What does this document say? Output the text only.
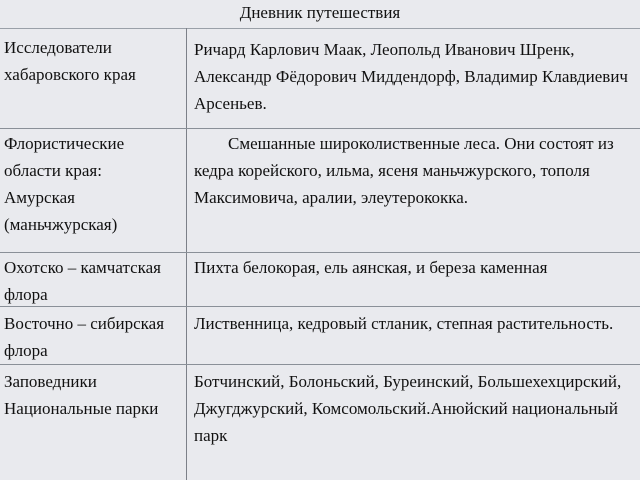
Дневник путешествия
Исследователи хабаровского края
Ричард Карлович Маак, Леопольд Иванович Шренк, Александр Фёдорович Миддендорф, Владимир Клавдиевич Арсеньев.
Флористические области края:
Амурская (маньчжурская)
Смешанные широколиственные леса. Они состоят из кедра корейского, ильма, ясеня маньчжурского, тополя Максимовича, аралии, элеутерококка.
Охотско – камчатская флора
Пихта белокорая, ель аянская, и береза каменная
Восточно – сибирская флора
Лиственница, кедровый стланик, степная растительность.
Заповедники Национальные парки
Ботчинский, Болоньский, Буреинский, Большехехцирский, Джугджурский, Комсомольский.Анюйский национальный парк
